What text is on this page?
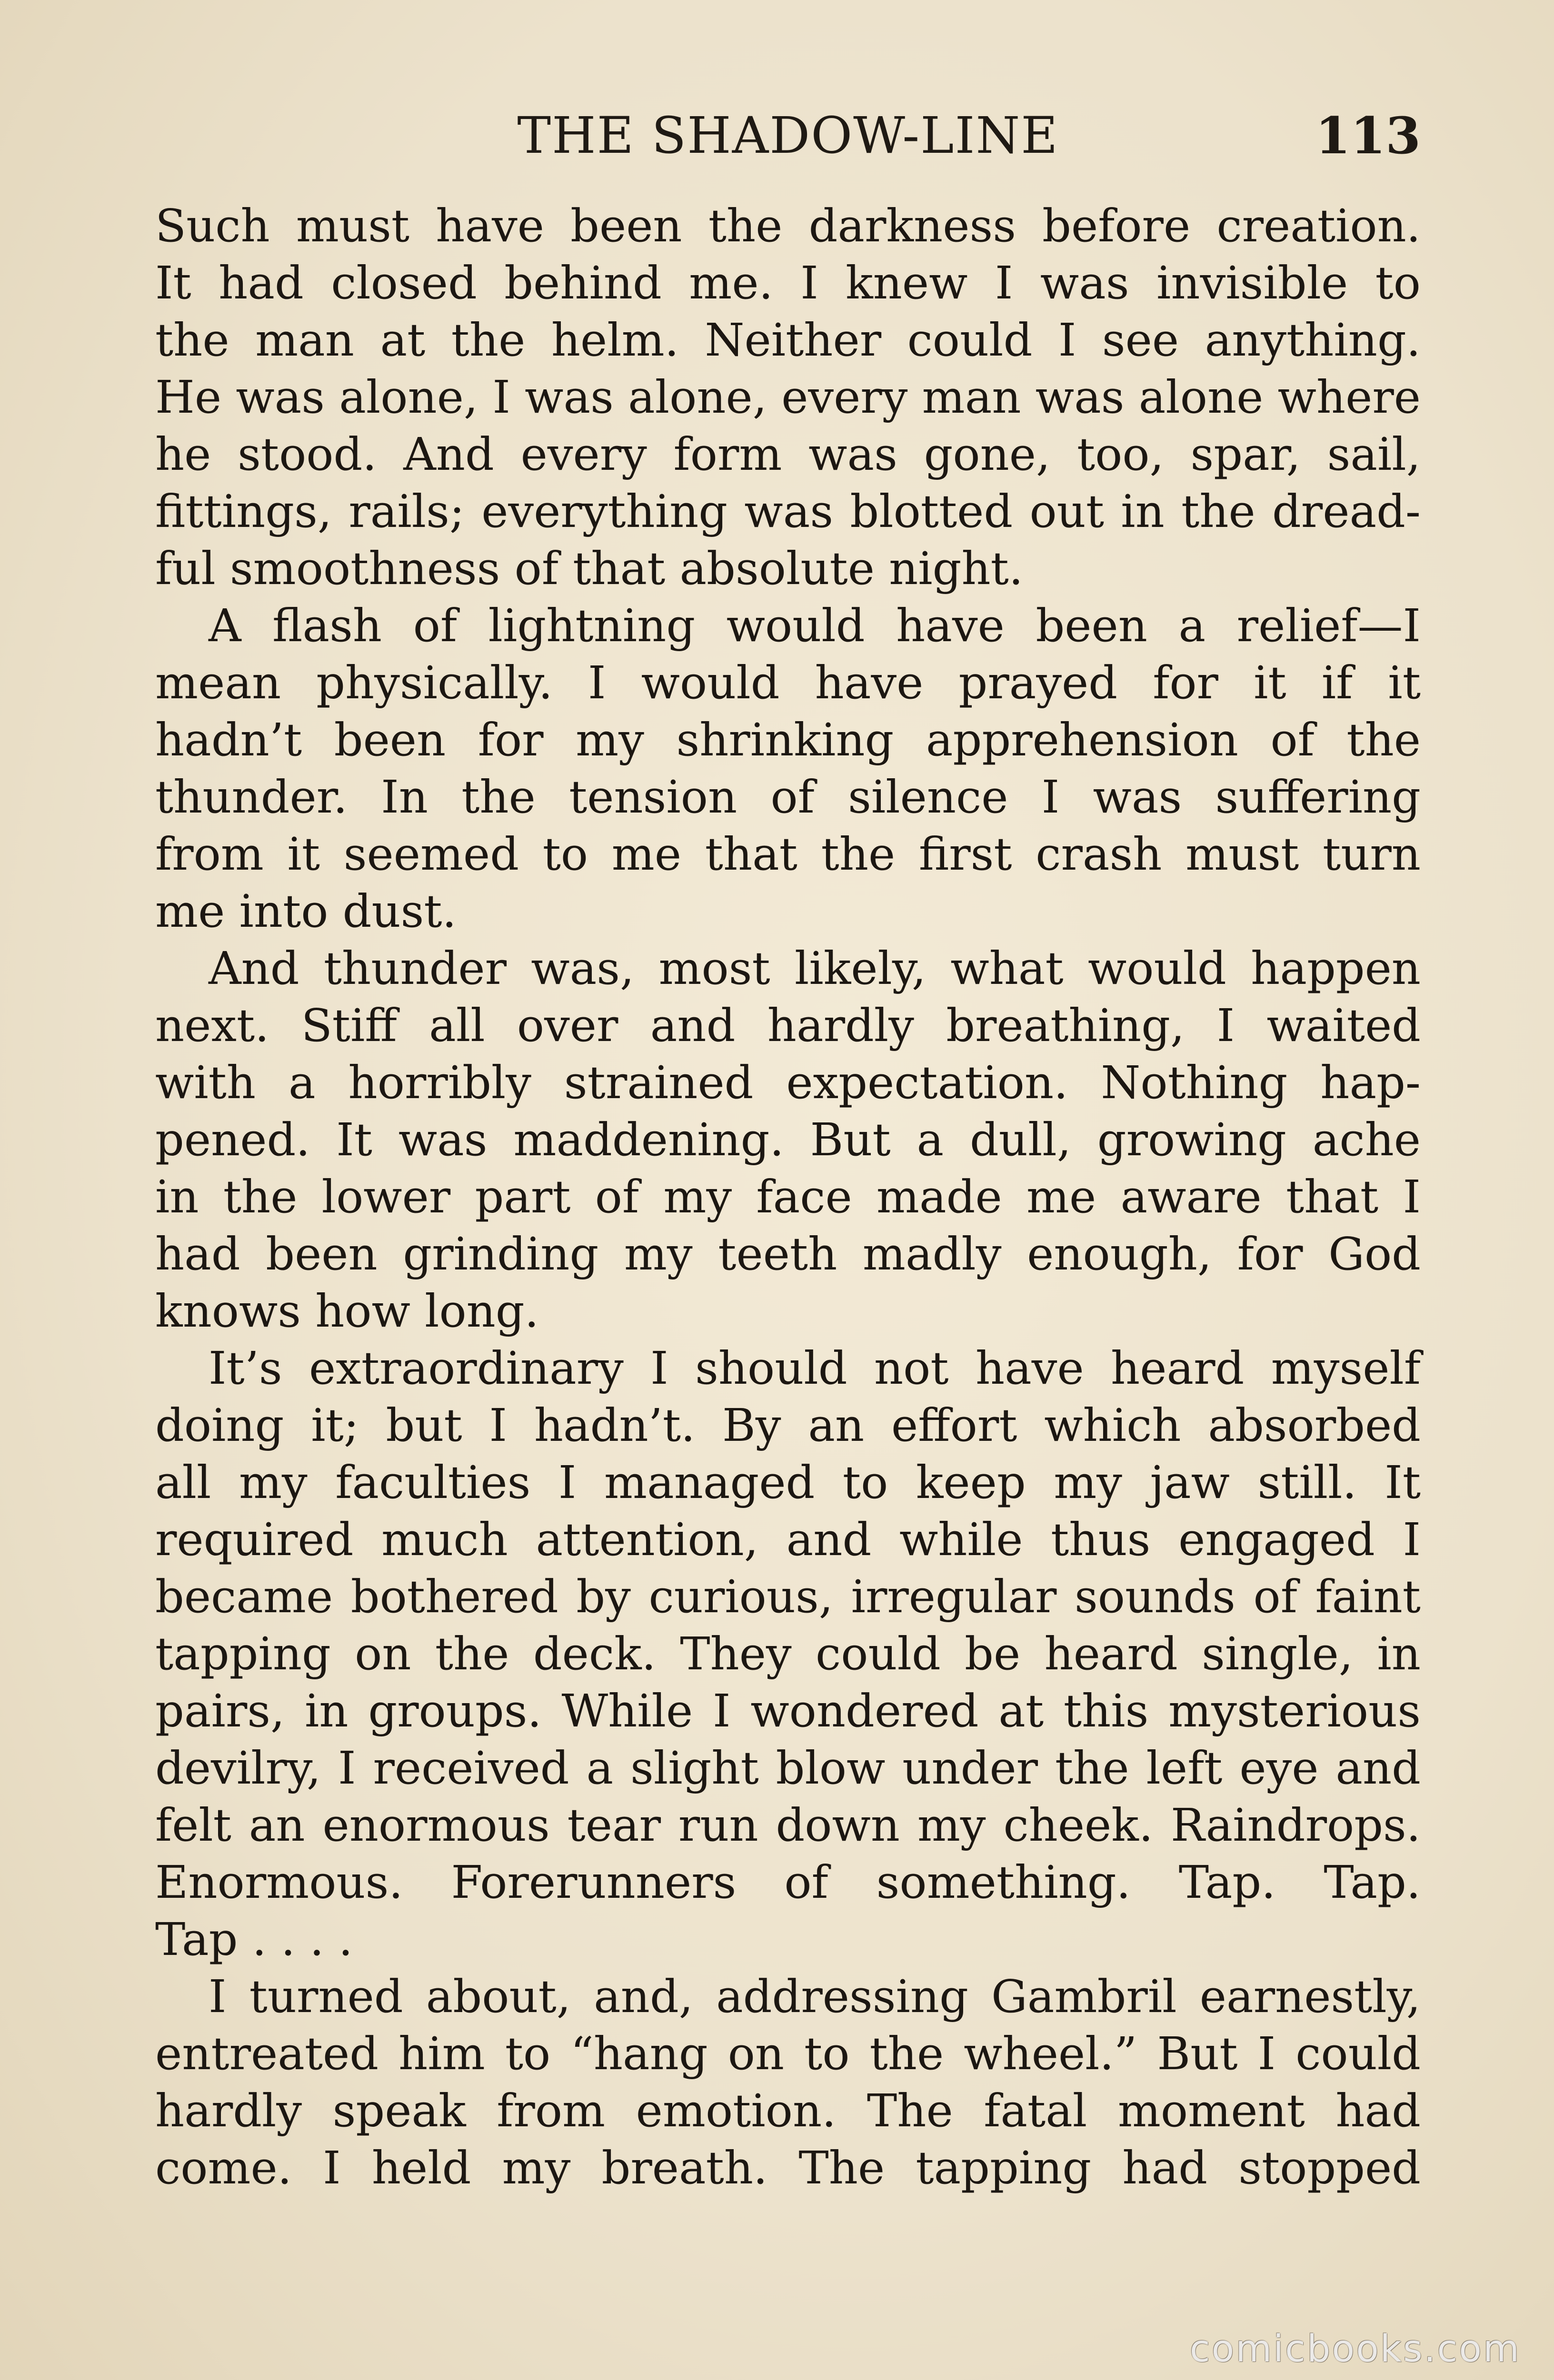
THE SHADOW-LINE	113
Such must have been the darkness before creation.
It had closed behind me. I knew I was invisible to
the man at the helm. Neither could I see anything.
He was alone, I was alone, every man was alone where
he stood. And every form was gone, too, spar, sail,
fittings, rails; everything was blotted out in the dread-
ful smoothness of that absolute night.
A flash of lightning would have been a relief—I
mean physically. I would have prayed for it if it
hadn’t been for my shrinking apprehension of the
thunder. In the tension of silence I was suffering
from it seemed to me that the first crash must turn
me into dust.
And thunder was, most likely, what would happen
next. Stiff all over and hardly breathing, I waited
with a horribly strained expectation. Nothing hap-
pened. It was maddening. But a dull, growing ache
in the lower part of my face made me aware that I
had been grinding my teeth madly enough, for God
knows how long.
It’s extraordinary I should not have heard myself
doing it; but I hadn’t. By an effort which absorbed
all my faculties I managed to keep my jaw still. It
required much attention, and while thus engaged I
became bothered by curious, irregular sounds of faint
tapping on the deck. They could be heard single, in
pairs, in groups. While I wondered at this mysterious
devilry, I received a slight blow under the left eye and
felt an enormous tear run down my cheek. Raindrops.
Enormous. Forerunners of something. Tap. Tap.
Tap . . . .
I turned about, and, addressing Gambril earnestly,
entreated him to “hang on to the wheel.” But I could
hardly speak from emotion. The fatal moment had
come. I held my breath. The tapping had stopped
comicbooks.com
